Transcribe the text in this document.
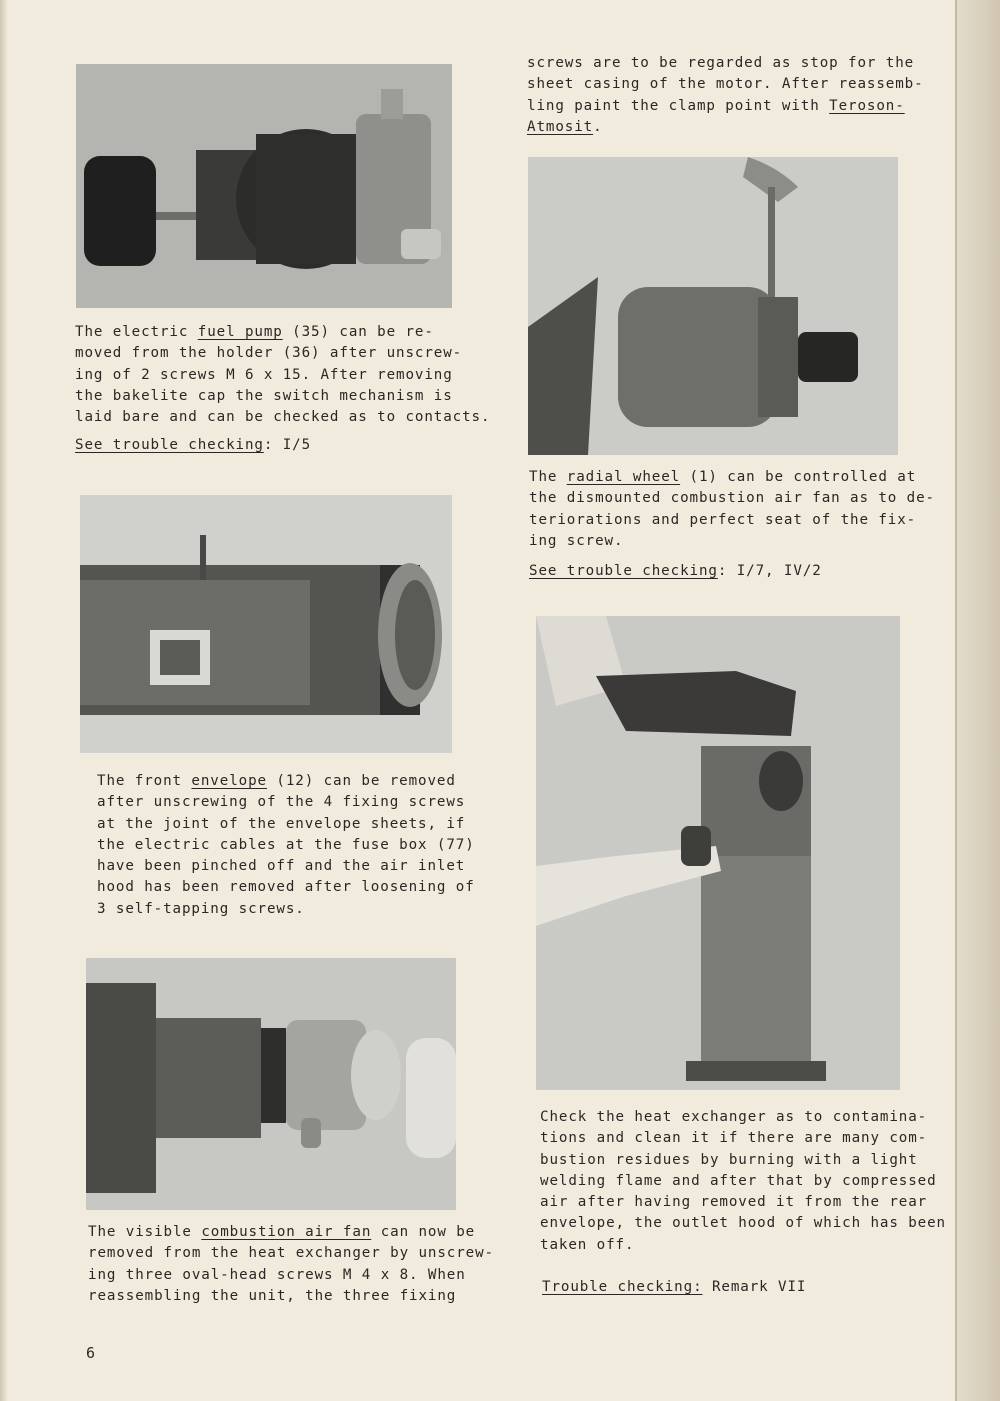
The electric fuel pump (35) can be re-
moved from the holder (36) after unscrew-
ing of 2 screws M 6 x 15. After removing
the bakelite cap the switch mechanism is
laid bare and can be checked as to contacts.
See trouble checking: I/5
The front envelope (12) can be removed
after unscrewing of the 4 fixing screws
at the joint of the envelope sheets, if
the electric cables at the fuse box (77)
have been pinched off and the air inlet
hood has been removed after loosening of
3 self-tapping screws.
The visible combustion air fan can now be
removed from the heat exchanger by unscrew-
ing three oval-head screws M 4 x 8. When
reassembling the unit, the three fixing
screws are to be regarded as stop for the
sheet casing of the motor. After reassemb-
ling paint the clamp point with Teroson-
Atmosit.
The radial wheel (1) can be controlled at
the dismounted combustion air fan as to de-
teriorations and perfect seat of the fix-
ing screw.
See trouble checking: I/7, IV/2
Check the heat exchanger as to contamina-
tions and clean it if there are many com-
bustion residues by burning with a light
welding flame and after that by compressed
air after having removed it from the rear
envelope, the outlet hood of which has been
taken off.
Trouble checking: Remark VII
6
